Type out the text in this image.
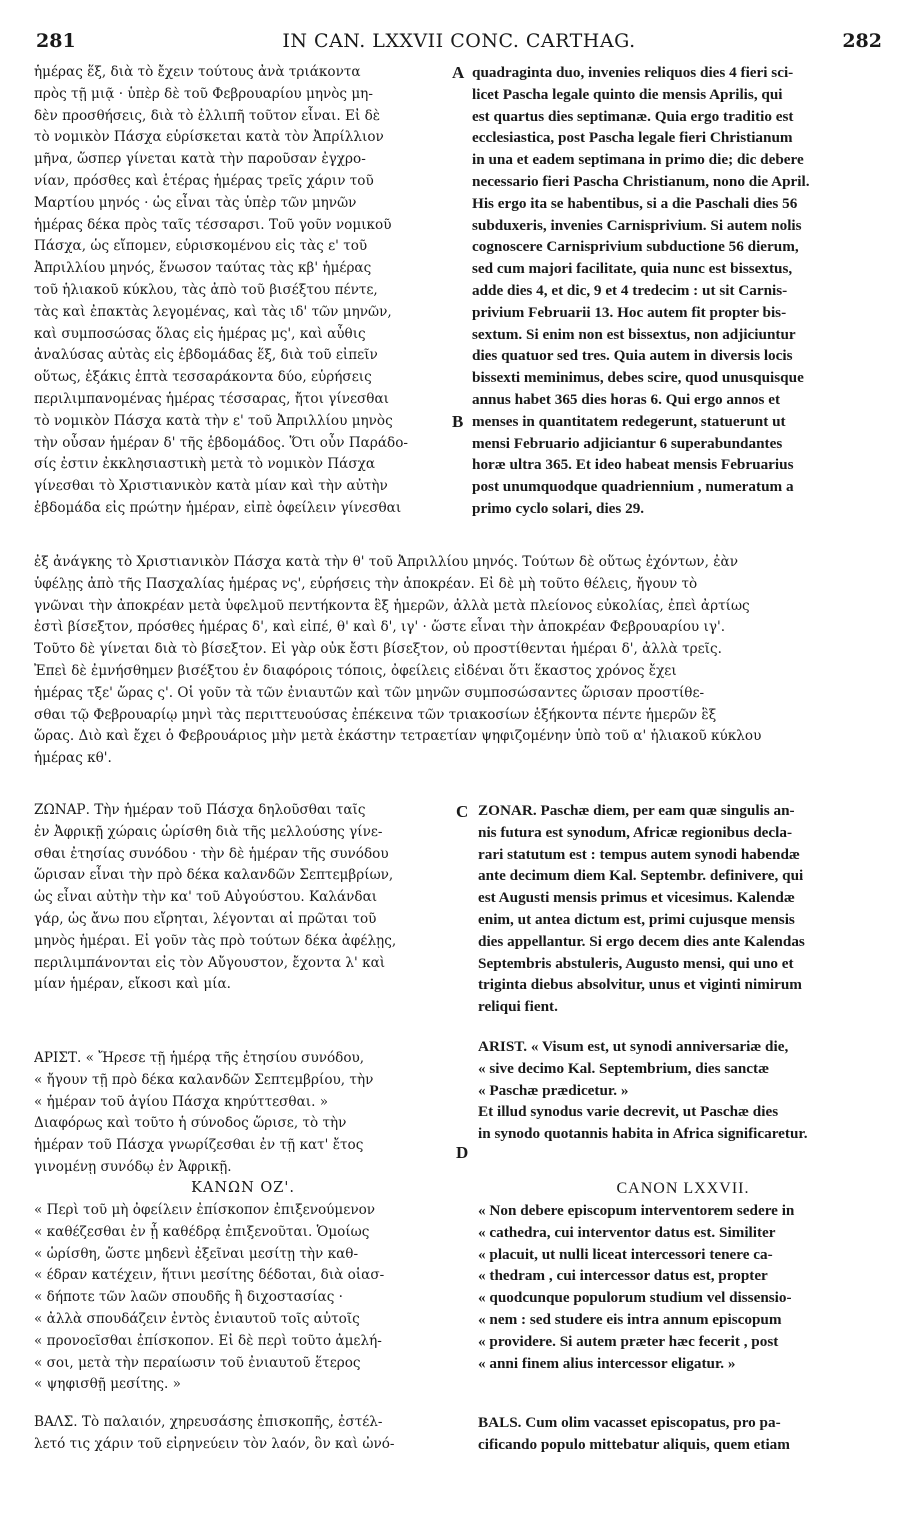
281	IN CAN. LXXVII CONC. CARTHAG.	282
A
B
C
D
ἡμέρας ἕξ, διὰ τὸ ἔχειν τούτους ἀνὰ τριάκοντα
πρὸς τῇ μιᾷ · ὑπὲρ δὲ τοῦ Φεβρουαρίου μηνὸς μη-
δὲν προσθήσεις, διὰ τὸ ἐλλιπῆ τοῦτον εἶναι. Εἰ δὲ
τὸ νομικὸν Πάσχα εὑρίσκεται κατὰ τὸν Ἀπρίλλιον
μῆνα, ὥσπερ γίνεται κατὰ τὴν παροῦσαν ἐγχρο-
νίαν, πρόσθες καὶ ἑτέρας ἡμέρας τρεῖς χάριν τοῦ
Μαρτίου μηνός · ὡς εἶναι τὰς ὑπὲρ τῶν μηνῶν
ἡμέρας δέκα πρὸς ταῖς τέσσαρσι. Τοῦ γοῦν νομικοῦ
Πάσχα, ὡς εἴπομεν, εὑρισκομένου εἰς τὰς ε' τοῦ
Ἀπριλλίου μηνός, ἕνωσον ταύτας τὰς κβ' ἡμέρας
τοῦ ἡλιακοῦ κύκλου, τὰς ἀπὸ τοῦ βισέξτου πέντε,
τὰς καὶ ἐπακτὰς λεγομένας, καὶ τὰς ιδ' τῶν μηνῶν,
καὶ συμποσώσας ὅλας εἰς ἡμέρας μς', καὶ αὖθις
ἀναλύσας αὐτὰς εἰς ἑβδομάδας ἕξ, διὰ τοῦ εἰπεῖν
οὕτως, ἑξάκις ἑπτὰ τεσσαράκοντα δύο, εὑρήσεις
περιλιμπανομένας ἡμέρας τέσσαρας, ἤτοι γίνεσθαι
τὸ νομικὸν Πάσχα κατὰ τὴν ε' τοῦ Ἀπριλλίου μηνὸς
τὴν οὖσαν ἡμέραν δ' τῆς ἑβδομάδος. Ὅτι οὖν Παράδο-
σίς ἐστιν ἐκκλησιαστικὴ μετὰ τὸ νομικὸν Πάσχα
γίνεσθαι τὸ Χριστιανικὸν κατὰ μίαν καὶ τὴν αὐτὴν
ἑβδομάδα εἰς πρώτην ἡμέραν, εἰπὲ ὀφείλειν γίνεσθαι
quadraginta duo, invenies reliquos dies 4 fieri sci-
licet Pascha legale quinto die mensis Aprilis, qui
est quartus dies septimanæ. Quia ergo traditio est
ecclesiastica, post Pascha legale fieri Christianum
in una et eadem septimana in primo die; dic debere
necessario fieri Pascha Christianum, nono die April.
His ergo ita se habentibus, si a die Paschali dies 56
subduxeris, invenies Carnisprivium. Si autem nolis
cognoscere Carnisprivium subductione 56 dierum,
sed cum majori facilitate, quia nunc est bissextus,
adde dies 4, et dic, 9 et 4 tredecim : ut sit Carnis-
privium Februarii 13. Hoc autem fit propter bis-
sextum. Si enim non est bissextus, non adjiciuntur
dies quatuor sed tres. Quia autem in diversis locis
bissexti meminimus, debes scire, quod unusquisque
annus habet 365 dies horas 6. Qui ergo annos et
menses in quantitatem redegerunt, statuerunt ut
mensi Februario adjiciantur 6 superabundantes
horæ ultra 365. Et ideo habeat mensis Februarius
post unumquodque quadriennium , numeratum a
primo cyclo solari, dies 29.
ἐξ ἀνάγκης τὸ Χριστιανικὸν Πάσχα κατὰ τὴν θ' τοῦ Ἀπριλλίου μηνός. Τούτων δὲ οὕτως ἐχόντων, ἐὰν
ὑφέλῃς ἀπὸ τῆς Πασχαλίας ἡμέρας νς', εὑρήσεις τὴν ἀποκρέαν. Εἰ δὲ μὴ τοῦτο θέλεις, ἤγουν τὸ
γνῶναι τὴν ἀποκρέαν μετὰ ὑφελμοῦ πεντήκοντα ἓξ ἡμερῶν, ἀλλὰ μετὰ πλείονος εὐκολίας, ἐπεὶ ἀρτίως
ἐστὶ βίσεξτον, πρόσθες ἡμέρας δ', καὶ εἰπέ, θ' καὶ δ', ιγ' · ὥστε εἶναι τὴν ἀποκρέαν Φεβρουαρίου ιγ'.
Τοῦτο δὲ γίνεται διὰ τὸ βίσεξτον. Εἰ γὰρ οὐκ ἔστι βίσεξτον, οὐ προστίθενται ἡμέραι δ', ἀλλὰ τρεῖς.
Ἐπεὶ δὲ ἐμνήσθημεν βισέξτου ἐν διαφόροις τόποις, ὀφείλεις εἰδέναι ὅτι ἕκαστος χρόνος ἔχει
ἡμέρας τξε' ὥρας ς'. Οἱ γοῦν τὰ τῶν ἐνιαυτῶν καὶ τῶν μηνῶν συμποσώσαντες ὥρισαν προστίθε-
σθαι τῷ Φεβρουαρίῳ μηνὶ τὰς περιττευούσας ἐπέκεινα τῶν τριακοσίων ἑξήκοντα πέντε ἡμερῶν ἓξ
ὥρας. Διὸ καὶ ἔχει ὁ Φεβρουάριος μὴν μετὰ ἑκάστην τετραετίαν ψηφιζομένην ὑπὸ τοῦ α' ἡλιακοῦ κύκλου
ἡμέρας κθ'.
ΖΩΝΑΡ. Τὴν ἡμέραν τοῦ Πάσχα δηλοῦσθαι ταῖς
ἐν Ἀφρικῇ χώραις ὡρίσθη διὰ τῆς μελλούσης γίνε-
σθαι ἐτησίας συνόδου · τὴν δὲ ἡμέραν τῆς συνόδου
ὥρισαν εἶναι τὴν πρὸ δέκα καλανδῶν Σεπτεμβρίων,
ὡς εἶναι αὐτὴν τὴν κα' τοῦ Αὐγούστου. Καλάνδαι
γάρ, ὡς ἄνω που εἴρηται, λέγονται αἱ πρῶται τοῦ
μηνὸς ἡμέραι. Εἰ γοῦν τὰς πρὸ τούτων δέκα ἀφέλῃς,
περιλιμπάνονται εἰς τὸν Αὔγουστον, ἔχοντα λ' καὶ
μίαν ἡμέραν, εἴκοσι καὶ μία.
ZONAR. Paschæ diem, per eam quæ singulis an-
nis futura est synodum, Africæ regionibus decla-
rari statutum est : tempus autem synodi habendæ
ante decimum diem Kal. Septembr. definivere, qui
est Augusti mensis primus et vicesimus. Kalendæ
enim, ut antea dictum est, primi cujusque mensis
dies appellantur. Si ergo decem dies ante Kalendas
Septembris abstuleris, Augusto mensi, qui uno et
triginta diebus absolvitur, unus et viginti nimirum
reliqui fient.
ΑΡΙΣΤ. « Ἤρεσε τῇ ἡμέρᾳ τῆς ἐτησίου συνόδου,
« ἤγουν τῇ πρὸ δέκα καλανδῶν Σεπτεμβρίου, τὴν
« ἡμέραν τοῦ ἁγίου Πάσχα κηρύττεσθαι. »
Διαφόρως καὶ τοῦτο ἡ σύνοδος ὥρισε, τὸ τὴν
ἡμέραν τοῦ Πάσχα γνωρίζεσθαι ἐν τῇ κατ' ἔτος
γινομένῃ συνόδῳ ἐν Ἀφρικῇ.
ARIST. « Visum est, ut synodi anniversariæ die,
« sive decimo Kal. Septembrium, dies sanctæ
« Paschæ prædicetur. »
Et illud synodus varie decrevit, ut Paschæ dies
in synodo quotannis habita in Africa significaretur.
ΚΑΝΩΝ ΟΖ'.	CANON LXXVII.
« Περὶ τοῦ μὴ ὀφείλειν ἐπίσκοπον ἐπιξενούμενον
« καθέζεσθαι ἐν ᾗ καθέδρᾳ ἐπιξενοῦται. Ὁμοίως
« ὡρίσθη, ὥστε μηδενὶ ἐξεῖναι μεσίτῃ τὴν καθ-
« έδραν κατέχειν, ἥτινι μεσίτης δέδοται, διὰ οἱασ-
« δήποτε τῶν λαῶν σπουδῆς ἢ διχοστασίας ·
« ἀλλὰ σπουδάζειν ἐντὸς ἐνιαυτοῦ τοῖς αὐτοῖς
« προνοεῖσθαι ἐπίσκοπον. Εἰ δὲ περὶ τοῦτο ἀμελή-
« σοι, μετὰ τὴν περαίωσιν τοῦ ἐνιαυτοῦ ἕτερος
« ψηφισθῇ μεσίτης. »
« Non debere episcopum interventorem sedere in
« cathedra, cui interventor datus est. Similiter
« placuit, ut nulli liceat intercessori tenere ca-
« thedram , cui intercessor datus est, propter
« quodcunque populorum studium vel dissensio-
« nem : sed studere eis intra annum episcopum
« providere. Si autem præter hæc fecerit , post
« anni finem alius intercessor eligatur. »
ΒΑΛΣ. Τὸ παλαιόν, χηρευσάσης ἐπισκοπῆς, ἐστέλ-
λετό τις χάριν τοῦ εἰρηνεύειν τὸν λαόν, ὃν καὶ ὠνό-
BALS. Cum olim vacasset episcopatus, pro pa-
cificando populo mittebatur aliquis, quem etiam
